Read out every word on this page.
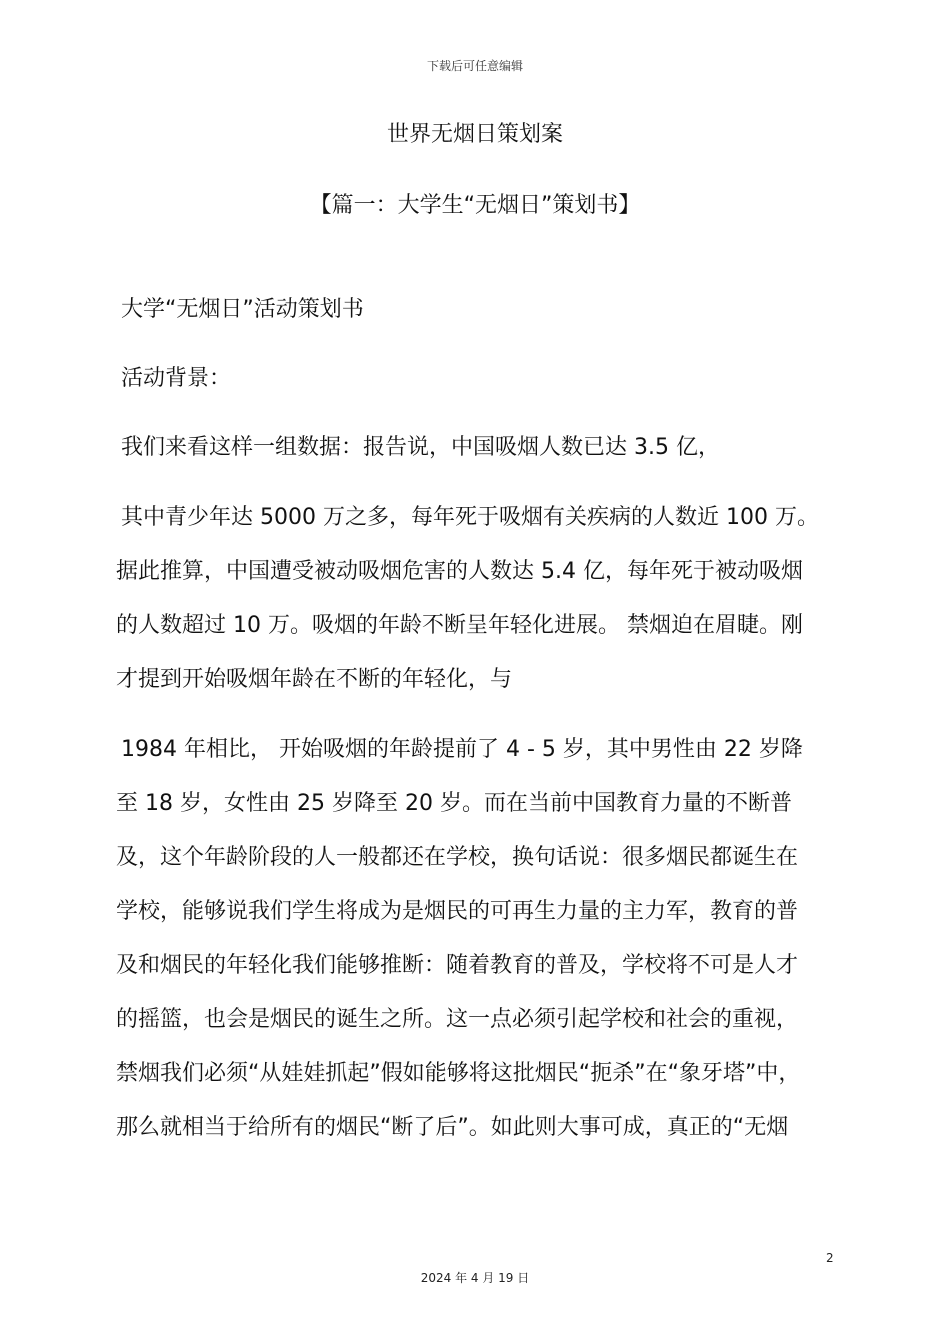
下载后可任意编辑
世界无烟日策划案
【篇一：大学生“无烟日”策划书】
大学“无烟日”活动策划书
活动背景：
我们来看这样一组数据：报告说，中国吸烟人数已达 3.5 亿，
其中青少年达 5000 万之多，每年死于吸烟有关疾病的人数近 100 万。
据此推算，中国遭受被动吸烟危害的人数达 5.4 亿，每年死于被动吸烟
的人数超过 10 万。吸烟的年龄不断呈年轻化进展。 禁烟迫在眉睫。刚
才提到开始吸烟年龄在不断的年轻化，与
1984 年相比， 开始吸烟的年龄提前了 4 - 5 岁，其中男性由 22 岁降
至 18 岁，女性由 25 岁降至 20 岁。而在当前中国教育力量的不断普
及，这个年龄阶段的人一般都还在学校，换句话说：很多烟民都诞生在
学校，能够说我们学生将成为是烟民的可再生力量的主力军，教育的普
及和烟民的年轻化我们能够推断：随着教育的普及，学校将不可是人才
的摇篮，也会是烟民的诞生之所。这一点必须引起学校和社会的重视，
禁烟我们必须“从娃娃抓起”假如能够将这批烟民“扼杀”在“象牙塔”中，
那么就相当于给所有的烟民“断了后”。如此则大事可成，真正的“无烟
2
2024 年 4 月 19 日
